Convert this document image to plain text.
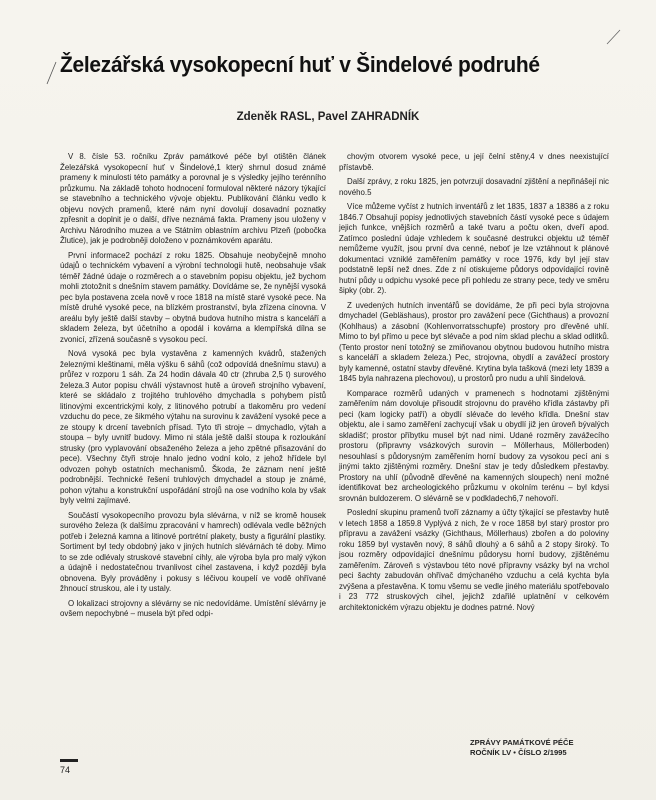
Železářská vysokopecní huť v Šindelové podruhé
Zdeněk RASL, Pavel ZAHRADNÍK

V 8. čísle 53. ročníku Zpráv památkové péče byl otištěn článek Železářská vysokopecní huť v Šindelové,1 který shrnul dosud známé prameny k minulosti této památky a porovnal je s výsledky jejího terénního průzkumu. Na základě tohoto hodnocení formuloval některé názory týkající se stavebního a technického vývoje objektu. Publikování článku vedlo k objevu nových pramenů, které nám nyní dovolují dosavadní poznatky zpřesnit a doplnit je o další, dříve neznámá fakta. Prameny jsou uloženy v Archivu Národního muzea a ve Státním oblastním archivu Plzeň (pobočka Žlutice), jak je podrobněji doloženo v poznámkovém aparátu.

První informace2 pochází z roku 1825. Obsahuje neobyčejně mnoho údajů o technickém vybavení a výrobní technologii hutě, neobsahuje však téměř žádné údaje o rozměrech a o stavebním popisu objektu, jež bychom mohli ztotožnit s dnešním stavem památky. Dovídáme se, že nynější vysoká pec byla postavena zcela nově v roce 1818 na místě staré vysoké pece. Na místě druhé vysoké pece, na blízkém prostranství, byla zřízena cínovna. V areálu byly ještě další stavby – obytná budova hutního mistra s kanceláří a skladem železa, byt účetního a opodál i kovárna a klempířská dílna se zvonicí, zřízená současně s vysokou pecí.

Nová vysoká pec byla vystavěna z kamenných kvádrů, stažených železnými kleštinami, měla výšku 6 sáhů (což odpovídá dnešnímu stavu) a průřez v rozporu 1 sáh. Za 24 hodin dávala 40 ctr (zhruba 2,5 t) surového železa.3 Autor popisu chválí výstavnost hutě a úroveň strojního vybavení, které se skládalo z trojitého truhlového dmychadla s pohybem pístů litinovými excentrickými koly, z litinového potrubí a tlakoměru pro vedení vzduchu do pece, ze šikmého výtahu na surovinu k zavážení vysoké pece a ze stoupy k drcení tavebních přísad. Tyto tři stroje – dmychadlo, výtah a stoupa – byly uvnitř budovy. Mimo ni stála ještě další stoupa k rozloukání strusky (pro vyplavování obsaženého železa a jeho zpětné přisazování do pece). Všechny čtyři stroje hnalo jedno vodní kolo, z jehož hřídele byl odvozen pohyb ostatních mechanismů. Škoda, že záznam není ještě podrobnější. Technické řešení truhlových dmychadel a stoup je známé, pohon výtahu a konstrukční uspořádání strojů na ose vodního kola by však byly velmi zajímavé.

Součástí vysokopecního provozu byla slévárna, v níž se kromě housek surového železa (k dalšímu zpracování v hamrech) odlévala vedle běžných potřeb i železná kamna a litinové portrétní plakety, busty a figurální plastiky. Sortiment byl tedy obdobný jako v jiných hutních slévárnách té doby. Mimo to se zde odlévaly struskové stavební cihly, ale výroba byla pro malý výkon a údajně i nedostatečnou trvanlivost cihel zastavena, i když později byla obnovena. Byly prováděny i pokusy s léčivou koupelí ve vodě ohřívané žhnoucí struskou, ale i ty ustaly.

O lokalizaci strojovny a slévárny se nic nedovídáme. Umístění slévárny je ovšem nepochybné – musela být před odpi-

chovým otvorem vysoké pece, u její čelní stěny,4 v dnes neexistující přístavbě.

Další zprávy, z roku 1825, jen potvrzují dosavadní zjištění a nepřinášejí nic nového.5

Více můžeme vyčíst z hutních inventářů z let 1835, 1837 a 18386 a z roku 1846.7 Obsahují popisy jednotlivých stavebních částí vysoké pece s údajem jejich funkce, vnějších rozměrů a také tvaru a počtu oken, dveří apod. Zatímco poslední údaje vzhledem k současné destrukci objektu už téměř nemůžeme využít, jsou první dva cenné, neboť je lze vztáhnout k plánové dokumentaci vzniklé zaměřením památky v roce 1976, kdy byl její stav podstatně lepší než dnes. Zde z ní otiskujeme půdorys odpovídající rovině hutní půdy u odpichu vysoké pece při pohledu ze strany pece, tedy ve směru šipky (obr. 2).

Z uvedených hutních inventářů se dovídáme, že při peci byla strojovna dmychadel (Gebläshaus), prostor pro zavážení pece (Gichthaus) a provozní (Kohlhaus) a zásobní (Kohlenvorratsschupfe) prostory pro dřevěné uhlí. Mimo to byl přímo u pece byt slévače a pod ním sklad plechu a sklad odlitků. (Tento prostor není totožný se zmiňovanou obytnou budovou hutního mistra s kanceláří a skladem železa.) Pec, strojovna, obydlí a zavážecí prostory byly kamenné, ostatní stavby dřevěné. Krytina byla tašková (mezi lety 1839 a 1845 byla nahrazena plechovou), u prostorů pro nudu a uhlí šindelová.

Komparace rozměrů udaných v pramenech s hodnotami zjištěnými zaměřením nám dovoluje přisoudit strojovnu do pravého křídla zástavby při peci (kam logicky patří) a obydlí slévače do levého křídla. Dnešní stav objektu, ale i samo zaměření zachycují však u obydlí již jen úroveň bývalých skladišť; prostor příbytku musel být nad nimi. Udané rozměry zavážecího prostoru (připravny vsázkových surovin – Möllerhaus, Möllerboden) nesouhlasí s půdorysným zaměřením horní budovy za vysokou pecí ani s jinými takto zjištěnými rozměry. Dnešní stav je tedy důsledkem přestavby. Prostory na uhlí (původně dřevěné na kamenných sloupech) není možné identifikovat bez archeologického průzkumu v okolním terénu – byl kdysi srovnán buldozerem. O slévárně se v podkladech6,7 nehovoří.

Poslední skupinu pramenů tvoří záznamy a účty týkající se přestavby hutě v letech 1858 a 1859.8 Vyplývá z nich, že v roce 1858 byl starý prostor pro přípravu a zavážení vsázky (Gichthaus, Möllerhaus) zbořen a do poloviny roku 1859 byl vystavěn nový, 8 sáhů dlouhý a 6 sáhů a 2 stopy široký. To jsou rozměry odpovídající dnešnímu půdorysu horní budovy, zjištěnému zaměřením. Zároveň s výstavbou této nové přípravny vsázky byl na vrchol peci šachty zabudován ohřívač dmýchaného vzduchu a celá kychta byla zvýšena a přestavěna. K tomu všemu se vedle jiného materiálu spotřebovalo i 23 772 struskových cihel, jejichž zdařilé uplatnění v celkovém architektonickém výrazu objektu je dodnes patrné. Nový

ZPRÁVY PAMÁTKOVÉ PÉČE
ROČNÍK LV • ČÍSLO 2/1995
74
